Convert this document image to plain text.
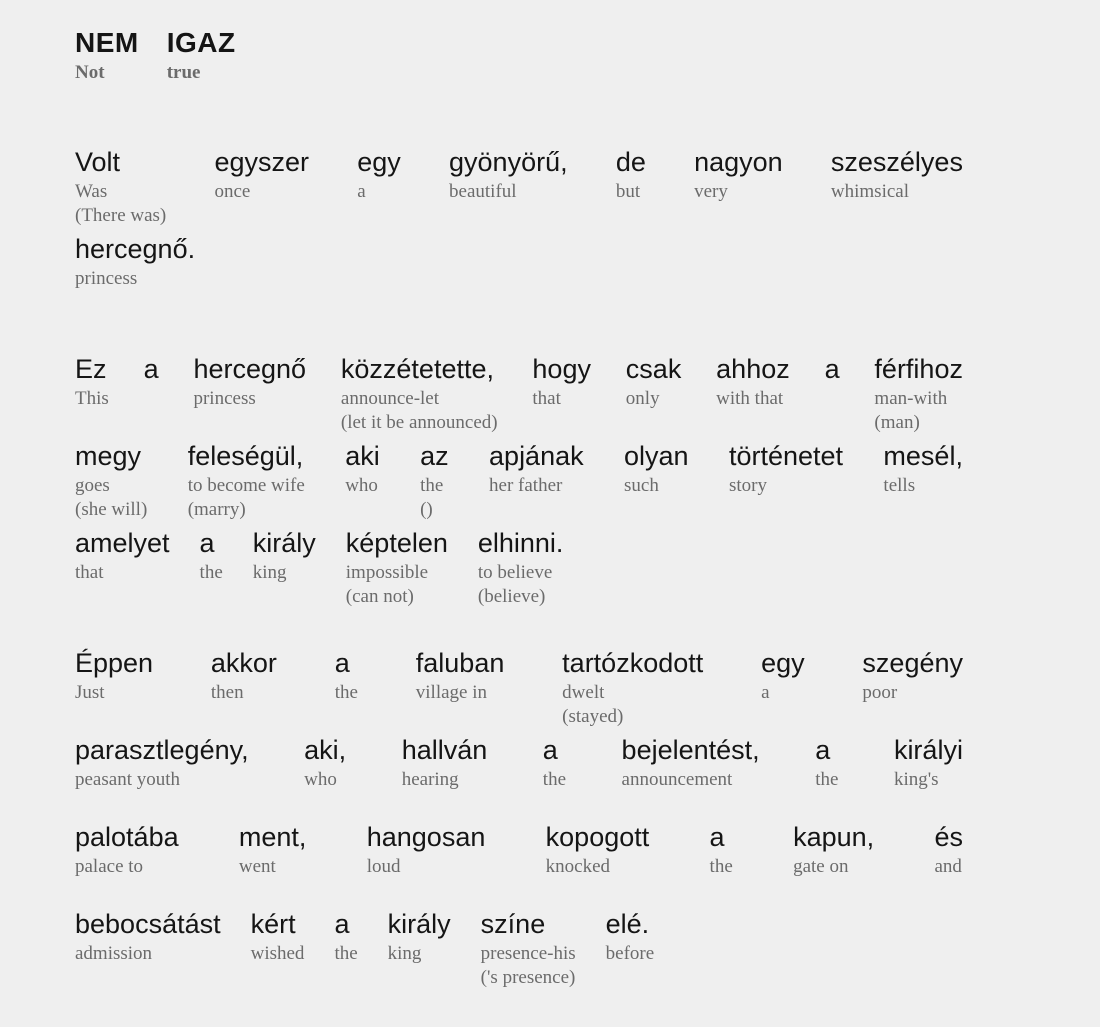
NEM
Not
IGAZ
true
Volt
Was
(There was)
egyszer
once
egy
a
gyönyörű,
beautiful
de
but
nagyon
very
szeszélyes
whimsical
hercegnő.
princess
Ez
This
a hercegnő
princess
közzétetette,
announce-let
(let it be announced)
hogy
that
csak
only
ahhoz
with that
a férfihoz
man-with
(man)
megy
goes
(she will)
feleségül,
to become wife
(marry)
aki
who
az
the
()
apjának
her father
olyan
such
történetet
story
mesél,
tells
amelyet
that
a
the
király
king
képtelen
impossible
(can not)
elhinni.
to believe
(believe)
Éppen
Just
akkor
then
a
the
faluban
village in
tartózkodott
dwelt
(stayed)
egy
a
szegény
poor
parasztlegény,
peasant youth
aki,
who
hallván
hearing
a
the
bejelentést,
announcement
a
the
királyi
king's
palotába
palace to
ment,
went
hangosan
loud
kopogott
knocked
a
the
kapun,
gate on
és
and
bebocsátást
admission
kért
wished
a
the
király
king
színe
presence-his
('s presence)
elé.
before
